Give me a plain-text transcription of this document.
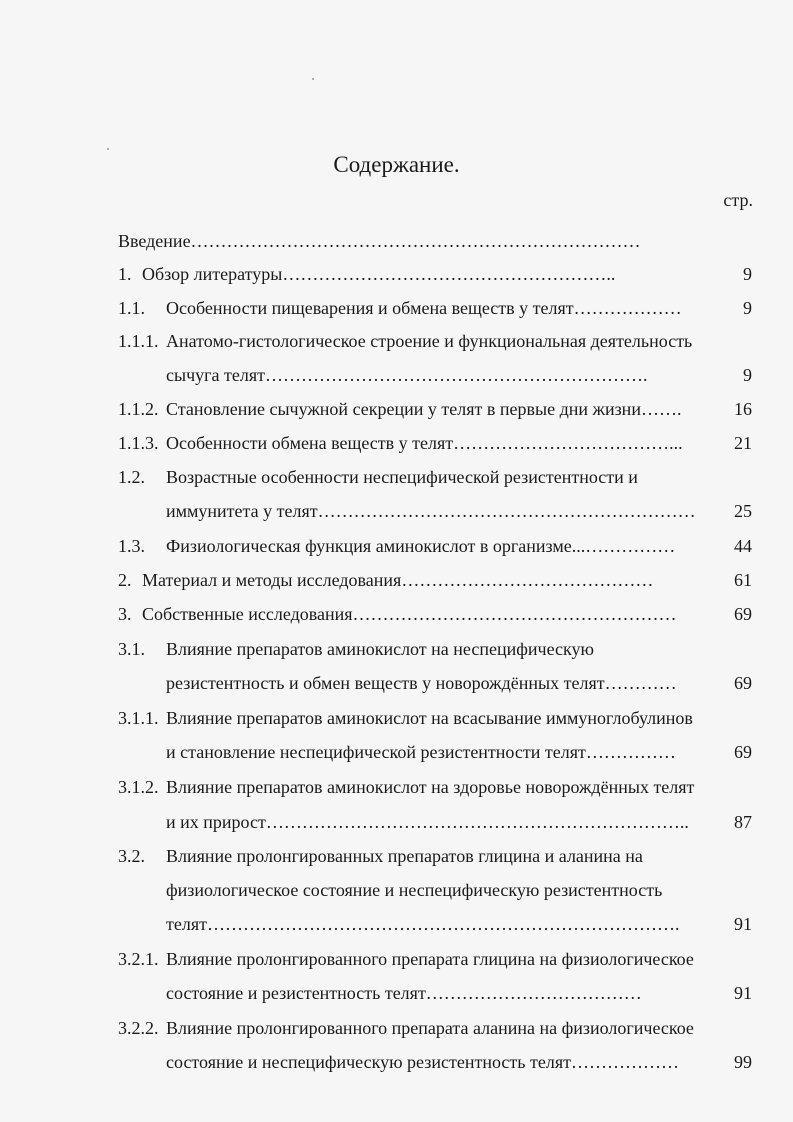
Содержание.
стр.
Введение…………………………………………………………………
1. Обзор литературы………………………………………………..	9
1.1. Особенности пищеварения и обмена веществ у телят………………	9
1.1.1. Анатомо-гистологическое строение и функциональная деятельность
сычуга телят……………………………………………………….	9
1.1.2. Становление сычужной секреции у телят в первые дни жизни…….	16
1.1.3. Особенности обмена веществ у телят………………………………...	21
1.2. Возрастные особенности неспецифической резистентности и
иммунитета у телят……………………………………………………… 25
1.3. Физиологическая функция аминокислот в организме...……………	44
2. Материал и методы исследования……………………………………	61
3. Собственные исследования………………………………………………	69
3.1. Влияние препаратов аминокислот на неспецифическую
резистентность и обмен веществ у новорождённых телят…………	69
3.1.1. Влияние препаратов аминокислот на всасывание иммуноглобулинов
и становление неспецифической резистентности телят……………	69
3.1.2. Влияние препаратов аминокислот на здоровье новорождённых телят
и их прирост……………………………………………………………..	87
3.2. Влияние пролонгированных препаратов глицина и аланина на
физиологическое состояние и неспецифическую резистентность
телят…………………………………………………………………….	91
3.2.1. Влияние пролонгированного препарата глицина на физиологическое
состояние и резистентность телят………………………………	91
3.2.2. Влияние пролонгированного препарата аланина на физиологическое
состояние и неспецифическую резистентность телят………………	99
